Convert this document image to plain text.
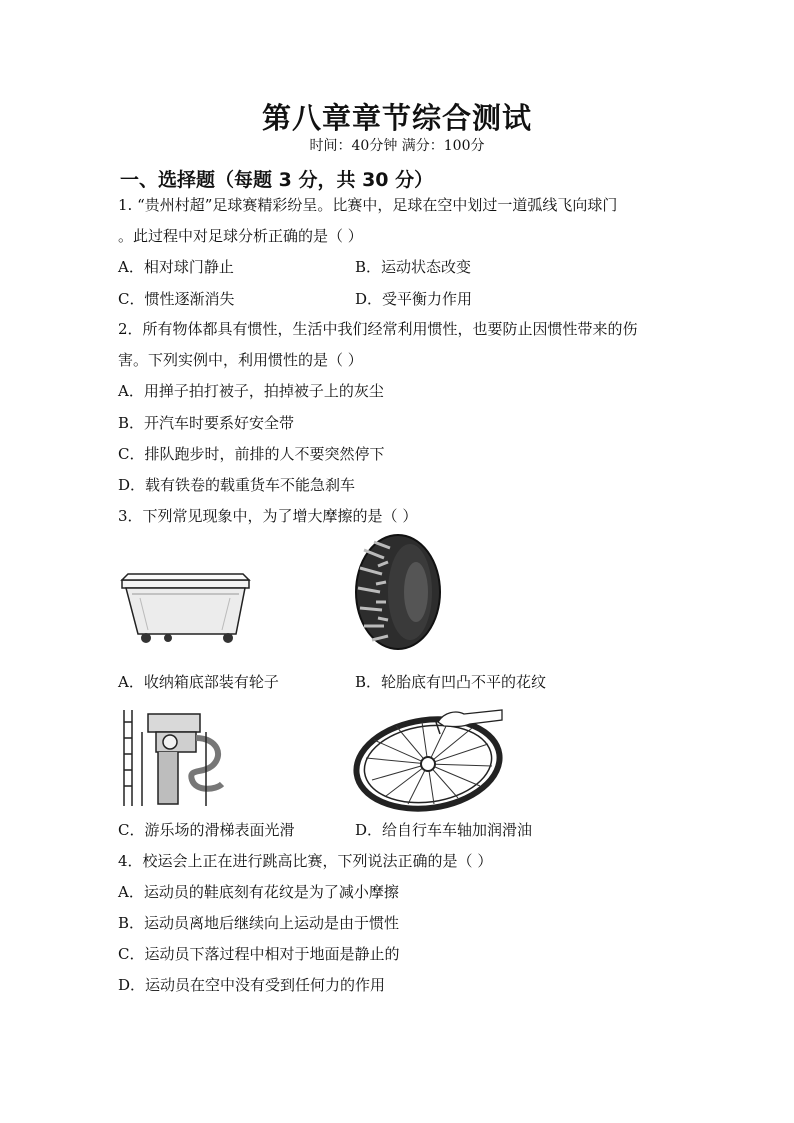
第八章章节综合测试
时间：40分钟 满分：100分
一、选择题（每题 3 分，共 30 分）
1. “贵州村超”足球赛精彩纷呈。比赛中，足球在空中划过一道弧线飞向球门
。此过程中对足球分析正确的是（ ）
A．相对球门静止	B．运动状态改变
C．惯性逐渐消失	D．受平衡力作用
2．所有物体都具有惯性，生活中我们经常利用惯性，也要防止因惯性带来的伤
害。下列实例中，利用惯性的是（ ）
A．用掸子拍打被子，拍掉被子上的灰尘
B．开汽车时要系好安全带
C．排队跑步时，前排的人不要突然停下
D．载有铁卷的载重货车不能急刹车
3．下列常见现象中，为了增大摩擦的是（ ）
A．收纳箱底部装有轮子	B．轮胎底有凹凸不平的花纹
C．游乐场的滑梯表面光滑	D．给自行车车轴加润滑油
4．校运会上正在进行跳高比赛，下列说法正确的是（ ）
A．运动员的鞋底刻有花纹是为了减小摩擦
B．运动员离地后继续向上运动是由于惯性
C．运动员下落过程中相对于地面是静止的
D．运动员在空中没有受到任何力的作用
